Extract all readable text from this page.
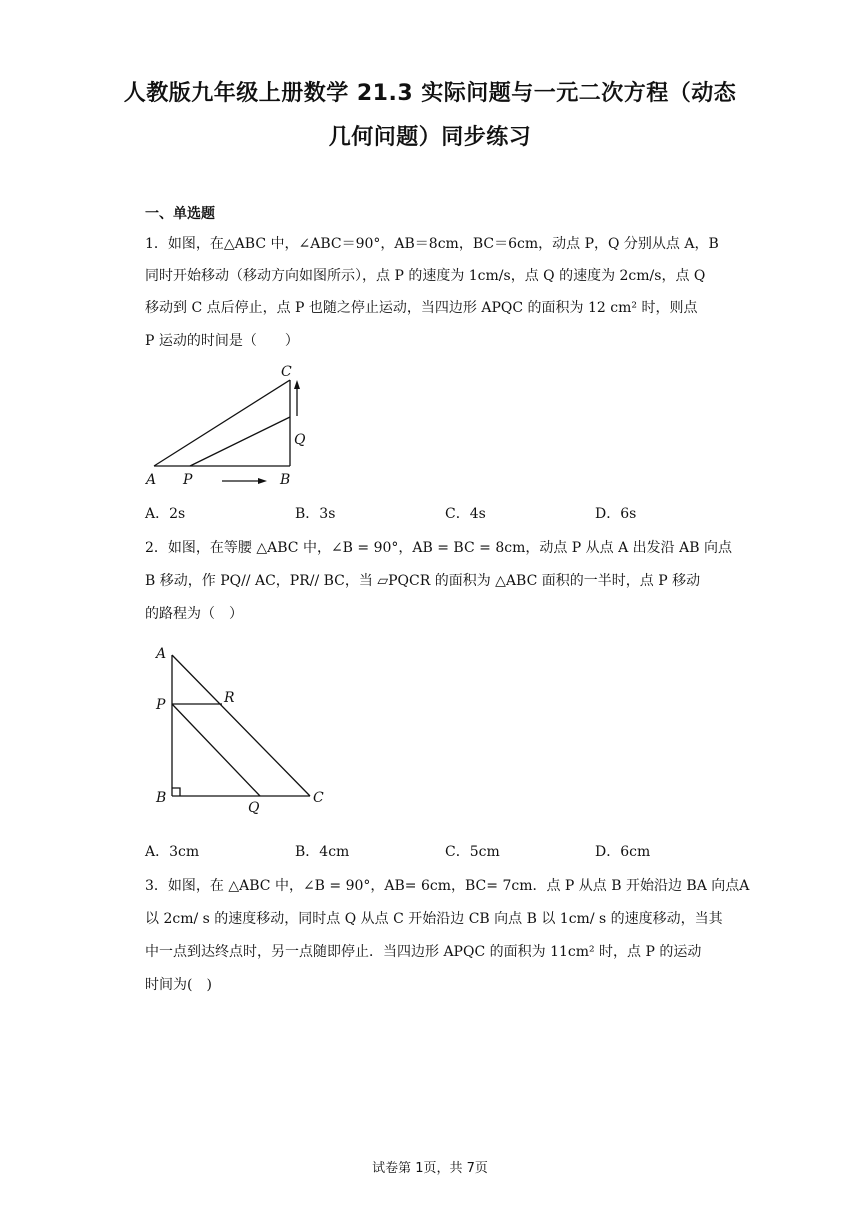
人教版九年级上册数学 21.3 实际问题与一元二次方程（动态
几何问题）同步练习
一、单选题
1．如图，在△ABC 中，∠ABC＝90°，AB＝8cm，BC＝6cm，动点 P，Q 分别从点 A，B
同时开始移动（移动方向如图所示），点 P 的速度为 1cm/s，点 Q 的速度为 2cm/s，点 Q
移动到 C 点后停止，点 P 也随之停止运动，当四边形 APQC 的面积为 12 cm² 时，则点
P 运动的时间是（　　）
C
Q
A P	B
A．2s	B．3s	C．4s	D．6s
2．如图，在等腰 △ABC 中，∠B = 90°，AB = BC = 8cm，动点 P 从点 A 出发沿 AB 向点
B 移动，作 PQ// AC，PR// BC，当 ▱PQCR 的面积为 △ABC 面积的一半时，点 P 移动
的路程为（　）
A
R
P
B
Q
C
A．3cm	B．4cm	C．5cm	D．6cm
3．如图，在 △ABC 中，∠B = 90°，AB= 6cm，BC= 7cm．点 P 从点 B 开始沿边 BA 向点A
以 2cm/ s 的速度移动，同时点 Q 从点 C 开始沿边 CB 向点 B 以 1cm/ s 的速度移动，当其
中一点到达终点时，另一点随即停止．当四边形 APQC 的面积为 11cm² 时，点 P 的运动
时间为(　)
试卷第 1页，共 7页
